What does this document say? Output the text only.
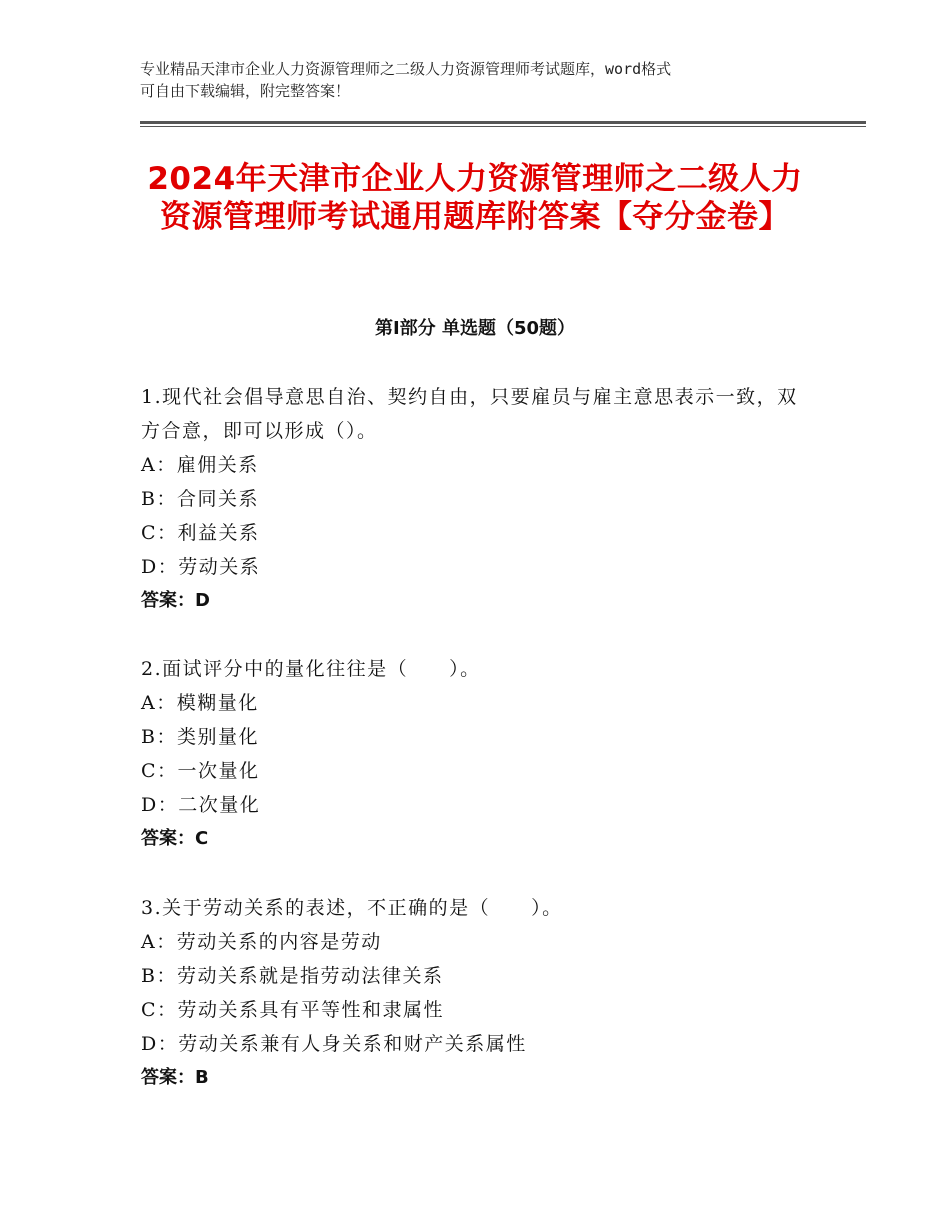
专业精品天津市企业人力资源管理师之二级人力资源管理师考试题库，word格式
可自由下载编辑，附完整答案！
2024年天津市企业人力资源管理师之二级人力资源管理师考试通用题库附答案【夺分金卷】
第Ⅰ部分 单选题（50题）
1.现代社会倡导意思自治、契约自由，只要雇员与雇主意思表示一致，双方合意，即可以形成（）。
A：雇佣关系
B：合同关系
C：利益关系
D：劳动关系
答案：D
2.面试评分中的量化往往是（　　）。
A：模糊量化
B：类别量化
C：一次量化
D：二次量化
答案：C
3.关于劳动关系的表述，不正确的是（　　）。
A：劳动关系的内容是劳动
B：劳动关系就是指劳动法律关系
C：劳动关系具有平等性和隶属性
D：劳动关系兼有人身关系和财产关系属性
答案：B
